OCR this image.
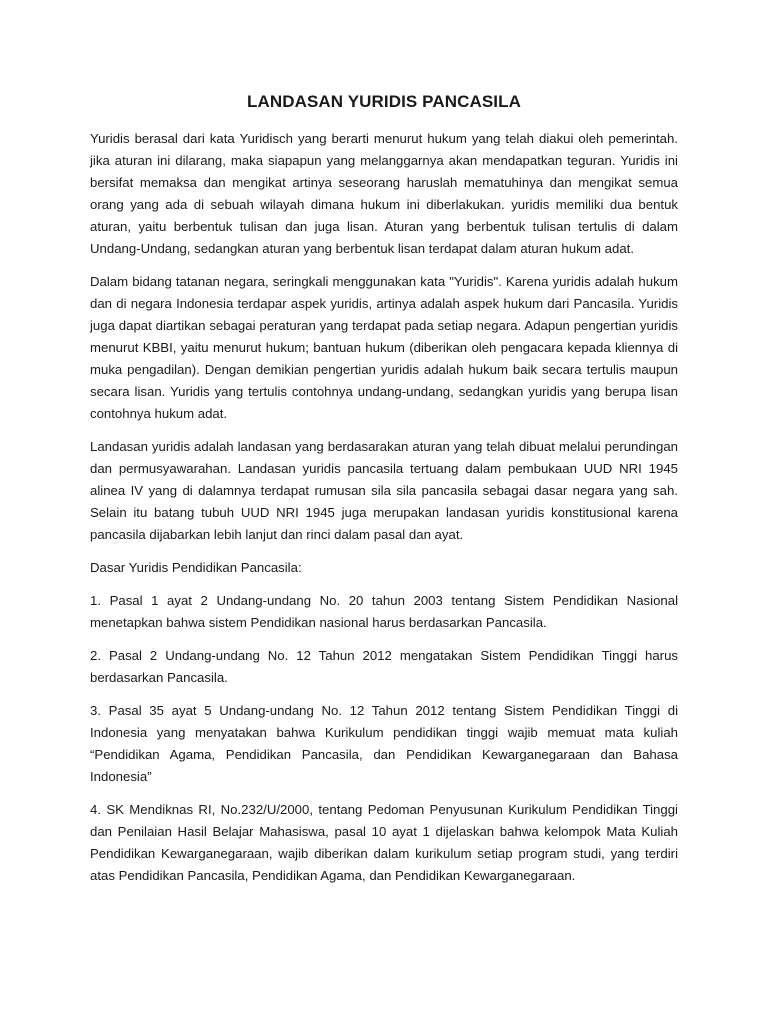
LANDASAN YURIDIS PANCASILA

Yuridis berasal dari kata Yuridisch yang berarti menurut hukum yang telah diakui oleh pemerintah. jika aturan ini dilarang, maka siapapun yang melanggarnya akan mendapatkan teguran. Yuridis ini bersifat memaksa dan mengikat artinya seseorang haruslah mematuhinya dan mengikat semua orang yang ada di sebuah wilayah dimana hukum ini diberlakukan. yuridis memiliki dua bentuk aturan, yaitu berbentuk tulisan dan juga lisan. Aturan yang berbentuk tulisan tertulis di dalam Undang-Undang, sedangkan aturan yang berbentuk lisan terdapat dalam aturan hukum adat.

Dalam bidang tatanan negara, seringkali menggunakan kata "Yuridis". Karena yuridis adalah hukum dan di negara Indonesia terdapar aspek yuridis, artinya adalah aspek hukum dari Pancasila. Yuridis juga dapat diartikan sebagai peraturan yang terdapat pada setiap negara. Adapun pengertian yuridis menurut KBBI, yaitu menurut hukum; bantuan hukum (diberikan oleh pengacara kepada kliennya di muka pengadilan). Dengan demikian pengertian yuridis adalah hukum baik secara tertulis maupun secara lisan. Yuridis yang tertulis contohnya undang-undang, sedangkan yuridis yang berupa lisan contohnya hukum adat.

Landasan yuridis adalah landasan yang berdasarakan aturan yang telah dibuat melalui perundingan dan permusyawarahan. Landasan yuridis pancasila tertuang dalam pembukaan UUD NRI 1945 alinea IV yang di dalamnya terdapat rumusan sila sila pancasila sebagai dasar negara yang sah. Selain itu batang tubuh UUD NRI 1945 juga merupakan landasan yuridis konstitusional karena pancasila dijabarkan lebih lanjut dan rinci dalam pasal dan ayat.

Dasar Yuridis Pendidikan Pancasila:

1. Pasal 1 ayat 2 Undang-undang No. 20 tahun 2003 tentang Sistem Pendidikan Nasional menetapkan bahwa sistem Pendidikan nasional harus berdasarkan Pancasila.

2. Pasal 2 Undang-undang No. 12 Tahun 2012 mengatakan Sistem Pendidikan Tinggi harus berdasarkan Pancasila.

3. Pasal 35 ayat 5 Undang-undang No. 12 Tahun 2012 tentang Sistem Pendidikan Tinggi di Indonesia yang menyatakan bahwa Kurikulum pendidikan tinggi wajib memuat mata kuliah “Pendidikan Agama, Pendidikan Pancasila, dan Pendidikan Kewarganegaraan dan Bahasa Indonesia”

4. SK Mendiknas RI, No.232/U/2000, tentang Pedoman Penyusunan Kurikulum Pendidikan Tinggi dan Penilaian Hasil Belajar Mahasiswa, pasal 10 ayat 1 dijelaskan bahwa kelompok Mata Kuliah Pendidikan Kewarganegaraan, wajib diberikan dalam kurikulum setiap program studi, yang terdiri atas Pendidikan Pancasila, Pendidikan Agama, dan Pendidikan Kewarganegaraan.
